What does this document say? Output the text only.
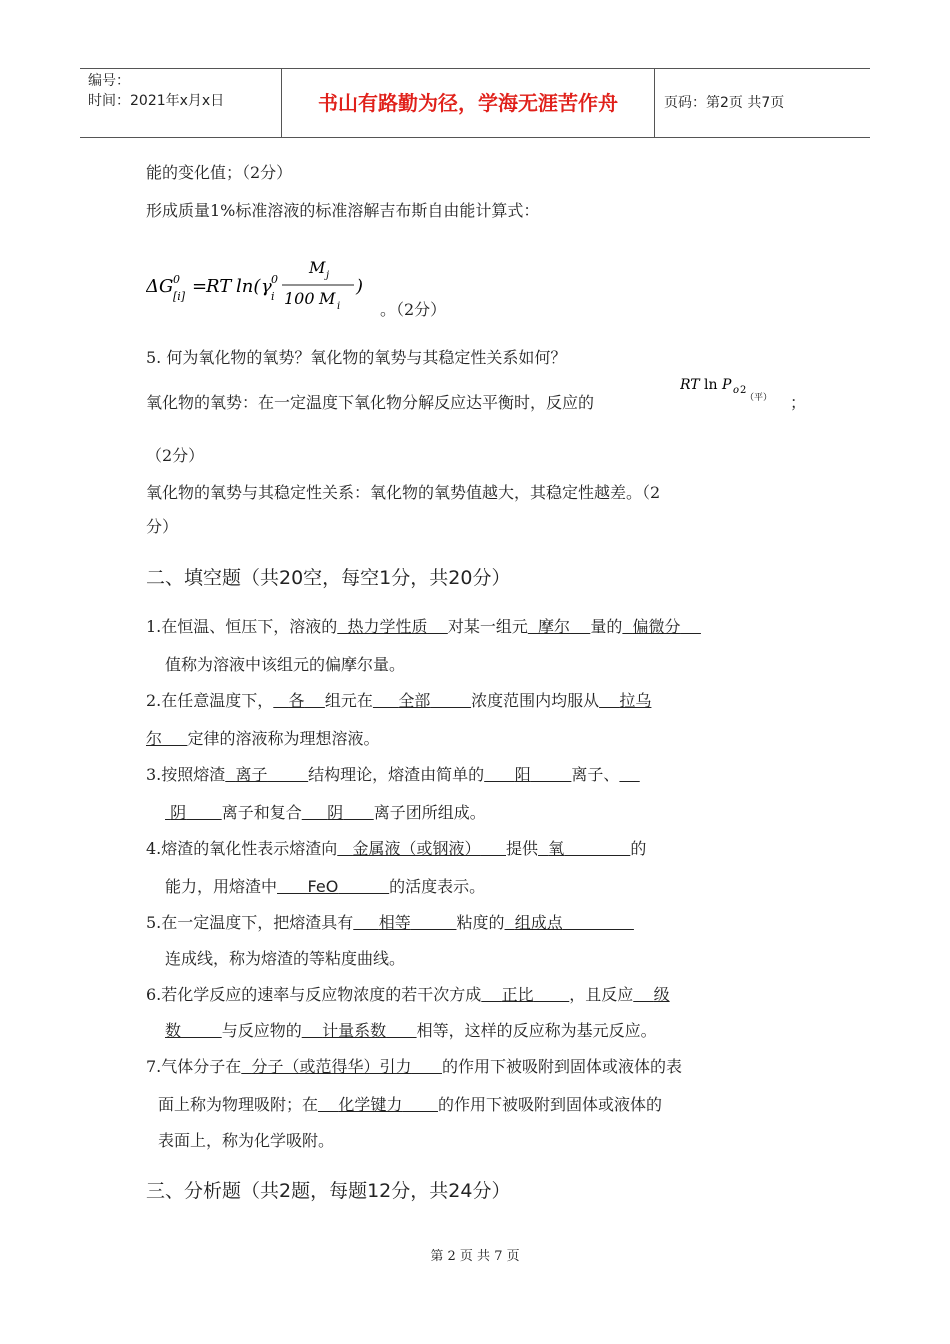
编号：
时间：2021年x月x日	书山有路勤为径，学海无涯苦作舟	页码：第2页 共7页
能的变化值；（2分）
形成质量1%标准溶液的标准溶解吉布斯自由能计算式：
ΔG 0
[i] =
RT ln( γ 0
i
M j
100 M i
)
。（2分）
5. 何为氧化物的氧势？氧化物的氧势与其稳定性关系如何？
氧化物的氧势：在一定温度下氧化物分解反应达平衡时，反应的
RT ln P o 2
（平） ；
（2分）
氧化物的氧势与其稳定性关系：氧化物的氧势值越大，其稳定性越差。（2
分）
二、填空题（共20空，每空1分，共20分）
1.在恒温、恒压下，溶液的 热力学性质 对某一组元 摩尔 量的 偏微分
值称为溶液中该组元的偏摩尔量。
2.在任意温度下， 各 组元在 全部	浓度范围内均服从 拉乌
尔 定律的溶液称为理想溶液。
3.按照熔渣 离子	结构理论，熔渣由简单的 阳	离子、
阴 离子和复合 阴 离子团所组成。
4.熔渣的氧化性表示熔渣向 金属液（或钢液） 提供 氧	的
能力，用熔渣中 FeO	的活度表示。
5.在一定温度下，把熔渣具有 相等	粘度的 组成点
连成线，称为熔渣的等粘度曲线。
6.若化学反应的速率与反应物浓度的若干次方成 正比 ，且反应 级
数	与反应物的 计量系数 相等，这样的反应称为基元反应。
7.气体分子在 分子（或范得华）引力 的作用下被吸附到固体或液体的表
面上称为物理吸附；在 化学键力 的作用下被吸附到固体或液体的
表面上，称为化学吸附。
三、分析题（共2题，每题12分，共24分）
第 2 页 共 7 页
